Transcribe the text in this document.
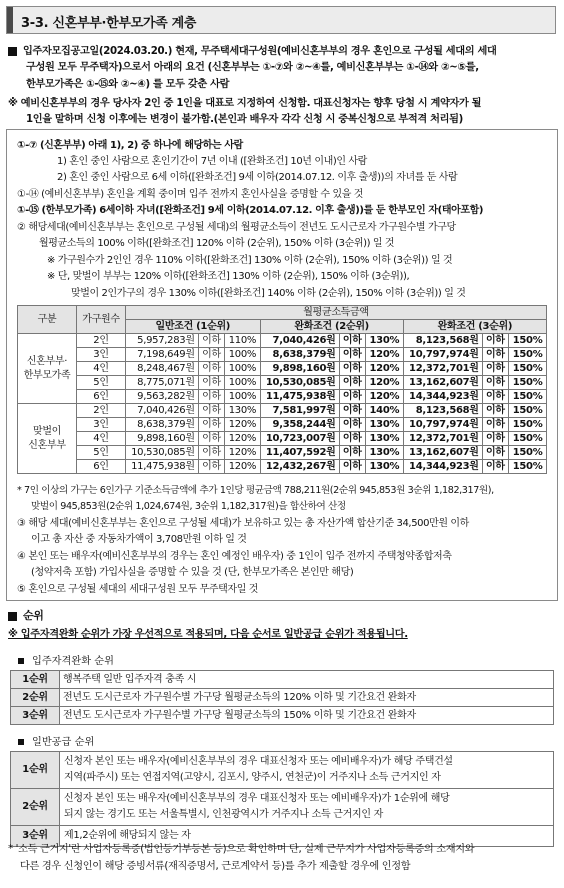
3-3. 신혼부부·한부모가족 계층
입주자모집공고일(2024.03.20.) 현재, 무주택세대구성원(예비신혼부부의 경우 혼인으로 구성될 세대의 세대
구성원 모두 무주택자)으로서 아래의 요건 (신혼부부는 ①-⑦와 ②~④를, 예비신혼부부는 ①-⑭와 ②~⑤를,
한부모가족은 ①-⑮와 ②~④) 를 모두 갖춘 사람
※ 예비신혼부부의 경우 당사자 2인 중 1인을 대표로 지정하여 신청함. 대표신청자는 향후 당첨 시 계약자가 될
1인을 말하며 신청 이후에는 변경이 불가함.(본인과 배우자 각각 신청 시 중복신청으로 부적격 처리됨)
①-⑦ (신혼부부) 아래 1), 2) 중 하나에 해당하는 사람
1) 혼인 중인 사람으로 혼인기간이 7년 이내 ([완화조건] 10년 이내)인 사람
2) 혼인 중인 사람으로 6세 이하([완화조건] 9세 이하(2014.07.12. 이후 출생))의 자녀를 둔 사람
①-⑭ (예비신혼부부) 혼인을 계획 중이며 입주 전까지 혼인사실을 증명할 수 있을 것
①-⑮ (한부모가족) 6세이하 자녀([완화조건] 9세 이하(2014.07.12. 이후 출생))를 둔 한부모인 자(태아포함)
② 해당세대(예비신혼부부는 혼인으로 구성될 세대)의 월평균소득이 전년도 도시근로자 가구원수별 가구당
월평균소득의 100% 이하([완화조건] 120% 이하 (2순위), 150% 이하 (3순위)) 일 것
※ 가구원수가 2인인 경우 110% 이하([완화조건] 130% 이하 (2순위), 150% 이하 (3순위)) 일 것
※ 단, 맞벌이 부부는 120% 이하([완화조건] 130% 이하 (2순위), 150% 이하 (3순위)),
맞벌이 2인가구의 경우 130% 이하([완화조건] 140% 이하 (2순위), 150% 이하 (3순위)) 일 것
구분	가구원수	월평균소득금액								
		일반조건 (1순위)			완화조건 (2순위)			완화조건 (3순위)		
신혼부부·
한부모가족	2인	5,957,283원	이하	110%	7,040,426원	이하	130%	8,123,568원	이하	150%
	3인	7,198,649원	이하	100%	8,638,379원	이하	120%	10,797,974원	이하	150%
	4인	8,248,467원	이하	100%	9,898,160원	이하	120%	12,372,701원	이하	150%
	5인	8,775,071원	이하	100%	10,530,085원	이하	120%	13,162,607원	이하	150%
	6인	9,563,282원	이하	100%	11,475,938원	이하	120%	14,344,923원	이하	150%
맞벌이
신혼부부	2인	7,040,426원	이하	130%	7,581,997원	이하	140%	8,123,568원	이하	150%
	3인	8,638,379원	이하	120%	9,358,244원	이하	130%	10,797,974원	이하	150%
	4인	9,898,160원	이하	120%	10,723,007원	이하	130%	12,372,701원	이하	150%
	5인	10,530,085원	이하	120%	11,407,592원	이하	130%	13,162,607원	이하	150%
	6인	11,475,938원	이하	120%	12,432,267원	이하	130%	14,344,923원	이하	150%
* 7인 이상의 가구는 6인가구 기준소득금액에 추가 1인당 평균금액 788,211원(2순위 945,853원 3순위 1,182,317원),
맞벌이 945,853원(2순위 1,024,674원, 3순위 1,182,317원)을 합산하여 산정
③ 해당 세대(예비신혼부부는 혼인으로 구성될 세대)가 보유하고 있는 총 자산가액 합산기준 34,500만원 이하
이고 총 자산 중 자동차가액이 3,708만원 이하 일 것
④ 본인 또는 배우자(예비신혼부부의 경우는 혼인 예정인 배우자) 중 1인이 입주 전까지 주택청약종합저축
(청약저축 포함) 가입사실을 증명할 수 있을 것 (단, 한부모가족은 본인만 해당)
⑤ 혼인으로 구성될 세대의 세대구성원 모두 무주택자일 것
순위
※ 입주자격완화 순위가 가장 우선적으로 적용되며, 다음 순서로 일반공급 순위가 적용됩니다.
입주자격완화 순위
1순위	행복주택 일반 입주자격 충족 시
2순위	전년도 도시근로자 가구원수별 가구당 월평균소득의 120% 이하 및 기간요건 완화자
3순위	전년도 도시근로자 가구원수별 가구당 월평균소득의 150% 이하 및 기간요건 완화자
일반공급 순위
1순위	신청자 본인 또는 배우자(예비신혼부부의 경우 대표신청자 또는 예비배우자)가 해당 주택건설
지역(파주시) 또는 연접지역(고양시, 김포시, 양주시, 연천군)이 거주지나 소득 근거지인 자

2순위	신청자 본인 또는 배우자(예비신혼부부의 경우 대표신청자 또는 예비배우자)가 1순위에 해당
되지 않는 경기도 또는 서울특별시, 인천광역시가 거주지나 소득 근거지인 자

3순위	제1,2순위에 해당되지 않는 자
* '소득 근거지'란 사업자등록증(법인등기부등본 등)으로 확인하며 단, 실제 근무지가 사업자등록증의 소재지와
다른 경우 신청인이 해당 증빙서류(재직증명서, 근로계약서 등)를 추가 제출할 경우에 인정함
